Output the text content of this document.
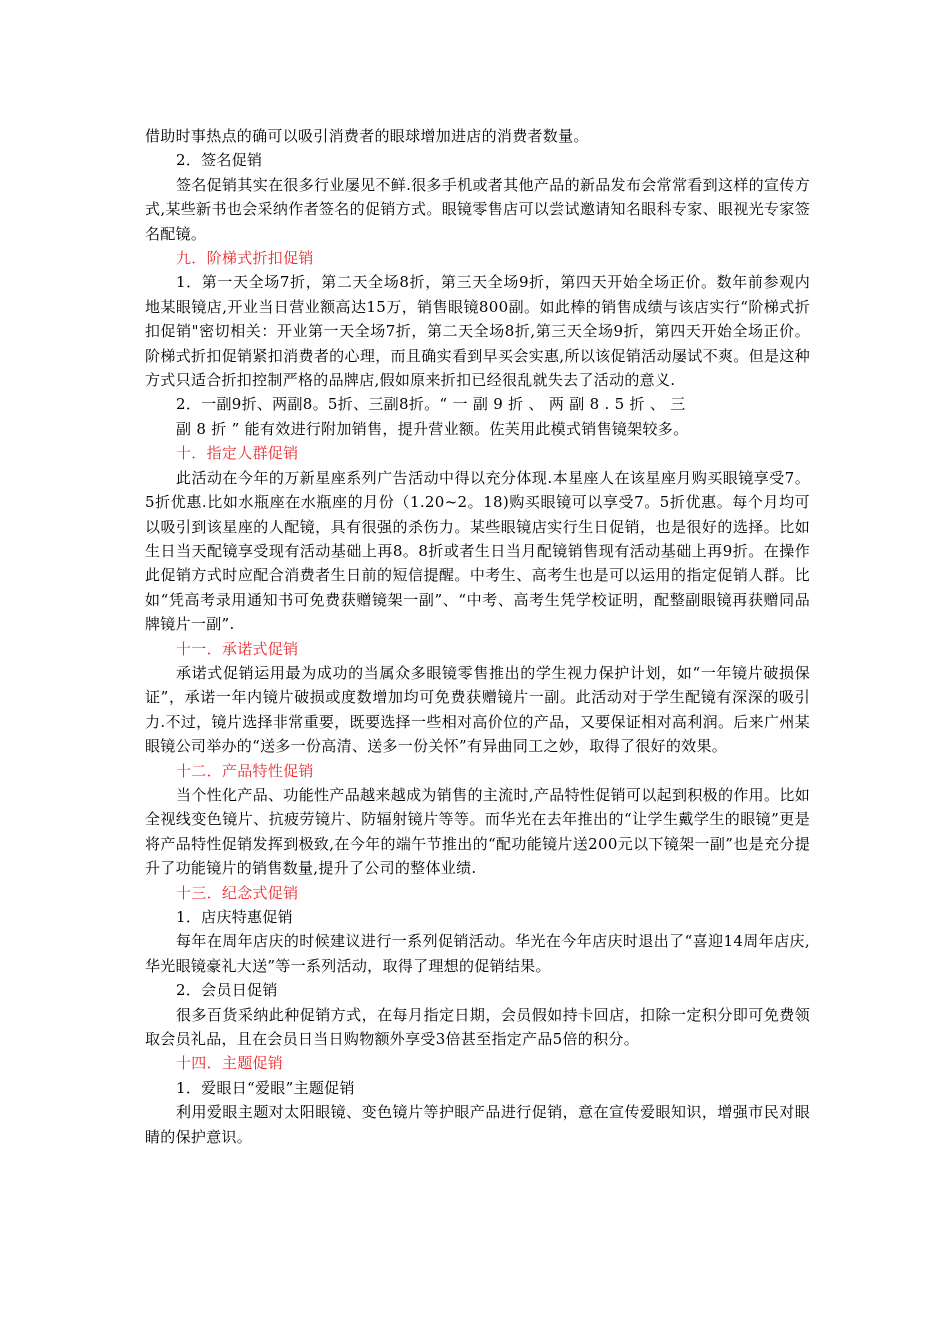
借助时事热点的确可以吸引消费者的眼球增加进店的消费者数量。

2．签名促销

签名促销其实在很多行业屡见不鲜.很多手机或者其他产品的新品发布会常常看到这样的宣传方式,某些新书也会采纳作者签名的促销方式。眼镜零售店可以尝试邀请知名眼科专家、眼视光专家签名配镜。

九．阶梯式折扣促销

1．第一天全场7折，第二天全场8折，第三天全场9折，第四天开始全场正价。数年前参观内地某眼镜店,开业当日营业额高达15万，销售眼镜800副。如此棒的销售成绩与该店实行“阶梯式折扣促销"密切相关：开业第一天全场7折，第二天全场8折,第三天全场9折，第四天开始全场正价。阶梯式折扣促销紧扣消费者的心理，而且确实看到早买会实惠,所以该促销活动屡试不爽。但是这种方式只适合折扣控制严格的品牌店,假如原来折扣已经很乱就失去了活动的意义.

2．一副9折、两副8。5折、三副8折。“ 一 副 9 折 、 两 副 8 . 5 折 、 三

副 8 折 ” 能有效进行附加销售，提升营业额。佐芙用此模式销售镜架较多。

十．指定人群促销

此活动在今年的万新星座系列广告活动中得以充分体现.本星座人在该星座月购买眼镜享受7。5折优惠.比如水瓶座在水瓶座的月份（1.20~2。18)购买眼镜可以享受7。5折优惠。每个月均可以吸引到该星座的人配镜，具有很强的杀伤力。某些眼镜店实行生日促销，也是很好的选择。比如生日当天配镜享受现有活动基础上再8。8折或者生日当月配镜销售现有活动基础上再9折。在操作此促销方式时应配合消费者生日前的短信提醒。中考生、高考生也是可以运用的指定促销人群。比如“凭高考录用通知书可免费获赠镜架一副”、“中考、高考生凭学校证明，配整副眼镜再获赠同品牌镜片一副”.

十一．承诺式促销

承诺式促销运用最为成功的当属众多眼镜零售推出的学生视力保护计划，如“一年镜片破损保证”，承诺一年内镜片破损或度数增加均可免费获赠镜片一副。此活动对于学生配镜有深深的吸引力.不过，镜片选择非常重要，既要选择一些相对高价位的产品，又要保证相对高利润。后来广州某眼镜公司举办的“送多一份高清、送多一份关怀”有异曲同工之妙，取得了很好的效果。

十二．产品特性促销

当个性化产品、功能性产品越来越成为销售的主流时,产品特性促销可以起到积极的作用。比如全视线变色镜片、抗疲劳镜片、防辐射镜片等等。而华光在去年推出的“让学生戴学生的眼镜”更是将产品特性促销发挥到极致,在今年的端午节推出的“配功能镜片送200元以下镜架一副”也是充分提升了功能镜片的销售数量,提升了公司的整体业绩.

十三．纪念式促销

1．店庆特惠促销

每年在周年店庆的时候建议进行一系列促销活动。华光在今年店庆时退出了“喜迎14周年店庆,华光眼镜豪礼大送”等一系列活动，取得了理想的促销结果。

2．会员日促销

很多百货采纳此种促销方式，在每月指定日期，会员假如持卡回店，扣除一定积分即可免费领取会员礼品，且在会员日当日购物额外享受3倍甚至指定产品5倍的积分。

十四．主题促销

1．爱眼日“爱眼”主题促销

利用爱眼主题对太阳眼镜、变色镜片等护眼产品进行促销，意在宣传爱眼知识，增强市民对眼睛的保护意识。
